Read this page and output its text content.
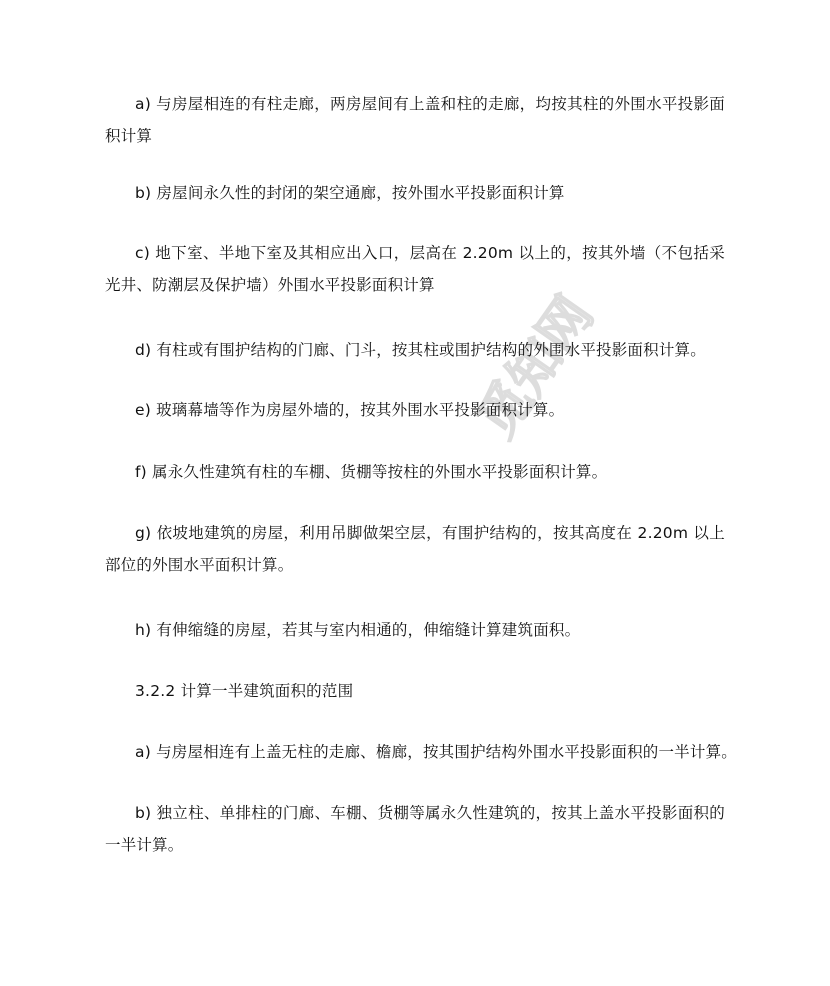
觅知网

a) 与房屋相连的有柱走廊，两房屋间有上盖和柱的走廊，均按其柱的外围水平投影面
积计算

b) 房屋间永久性的封闭的架空通廊，按外围水平投影面积计算

c) 地下室、半地下室及其相应出入口，层高在 2.20m 以上的，按其外墙（不包括采
光井、防潮层及保护墙）外围水平投影面积计算

d) 有柱或有围护结构的门廊、门斗，按其柱或围护结构的外围水平投影面积计算。

e) 玻璃幕墙等作为房屋外墙的，按其外围水平投影面积计算。

f) 属永久性建筑有柱的车棚、货棚等按柱的外围水平投影面积计算。

g) 依坡地建筑的房屋，利用吊脚做架空层，有围护结构的，按其高度在 2.20m 以上
部位的外围水平面积计算。

h) 有伸缩缝的房屋，若其与室内相通的，伸缩缝计算建筑面积。

3.2.2 计算一半建筑面积的范围

a) 与房屋相连有上盖无柱的走廊、檐廊，按其围护结构外围水平投影面积的一半计算。

b) 独立柱、单排柱的门廊、车棚、货棚等属永久性建筑的，按其上盖水平投影面积的
一半计算。
